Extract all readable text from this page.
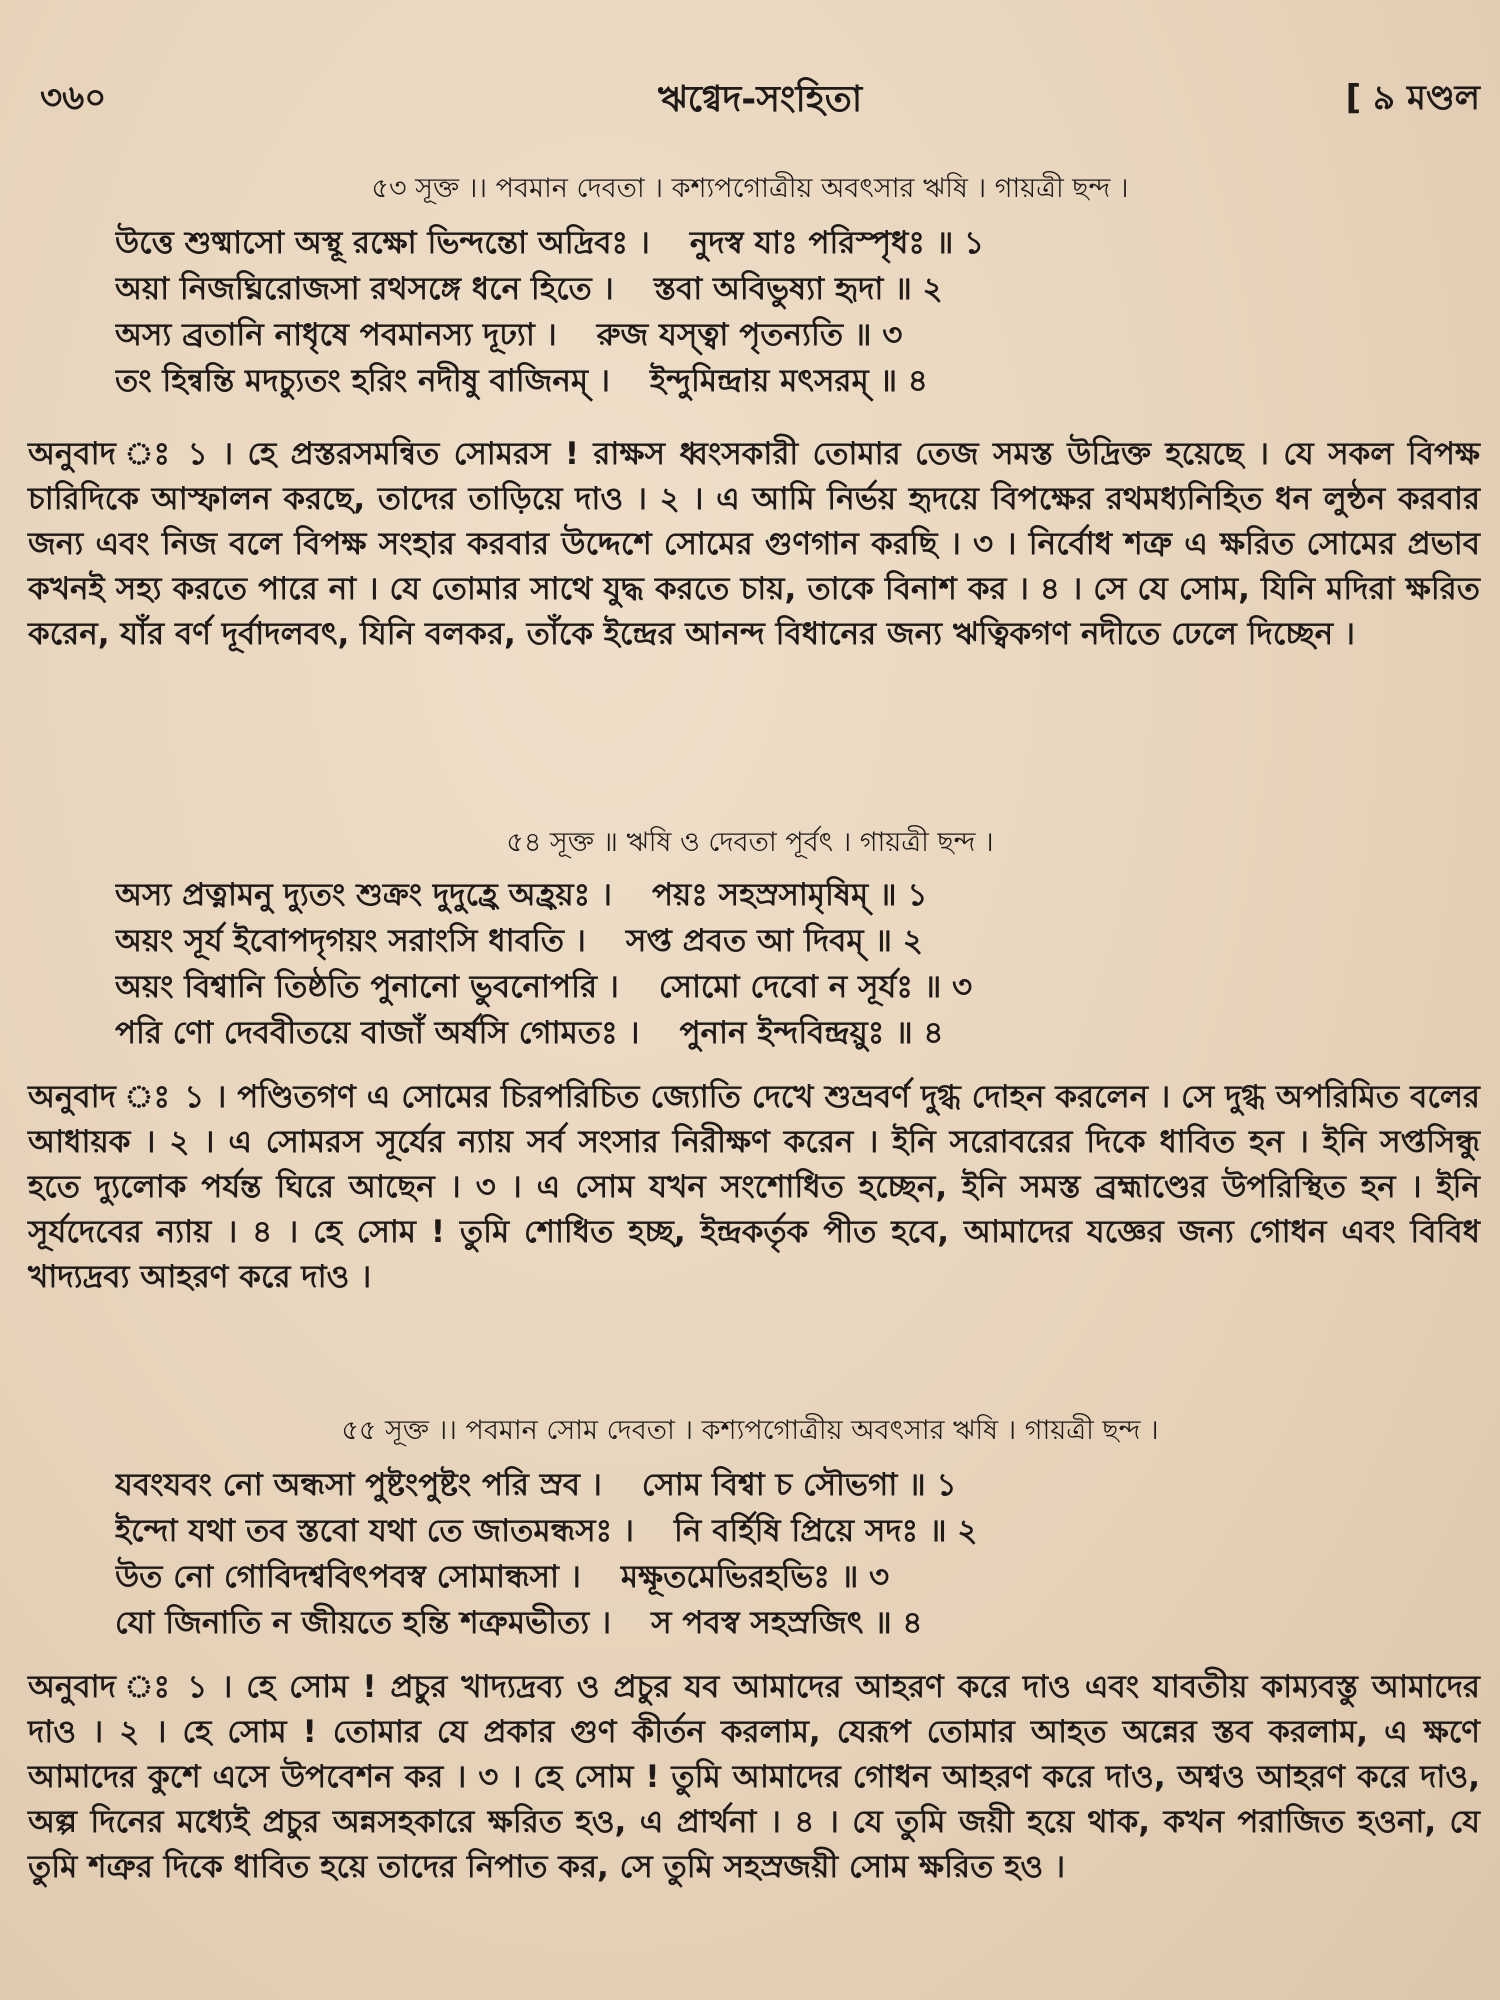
৩৬০	ঋগ্বেদ-সংহিতা	[ ৯ মণ্ডল
৫৩ সূক্ত ।। পবমান দেবতা । কশ্যপগোত্রীয় অবৎসার ঋষি । গায়ত্রী ছন্দ ।
উত্তে শুষ্মাসো অস্থূ রক্ষো ভিন্দন্তো অদ্রিবঃ । নুদস্ব যাঃ পরিস্পৃধঃ ॥ ১
অয়া নিজঘ্নিরোজসা রথসঙ্গে ধনে হিতে । স্তবা অবিভুষ্যা হৃদা ॥ ২
অস্য ব্রতানি নাধৃষে পবমানস্য দূঢ্যা । রুজ যস্ত্বা পৃতন্যতি ॥ ৩
তং হিন্বন্তি মদচ্যুতং হরিং নদীষু বাজিনম্ । ইন্দুমিন্দ্রায় মৎসরম্ ॥ ৪
অনুবাদ ঃ ১ । হে প্রস্তরসমন্বিত সোমরস ! রাক্ষস ধ্বংসকারী তোমার তেজ সমস্ত উদ্রিক্ত হয়েছে । যে সকল বিপক্ষ চারিদিকে আস্ফালন করছে, তাদের তাড়িয়ে দাও । ২ । এ আমি নির্ভয় হৃদয়ে বিপক্ষের রথমধ্যনিহিত ধন লুন্ঠন করবার জন্য এবং নিজ বলে বিপক্ষ সংহার করবার উদ্দেশে সোমের গুণগান করছি । ৩ । নির্বোধ শত্রু এ ক্ষরিত সোমের প্রভাব কখনই সহ্য করতে পারে না । যে তোমার সাথে যুদ্ধ করতে চায়, তাকে বিনাশ কর । ৪ । সে যে সোম, যিনি মদিরা ক্ষরিত করেন, যাঁর বর্ণ দূর্বাদলবৎ, যিনি বলকর, তাঁকে ইন্দ্রের আনন্দ বিধানের জন্য ঋত্বিকগণ নদীতে ঢেলে দিচ্ছেন ।
৫৪ সূক্ত ॥ ঋষি ও দেবতা পূর্বৎ । গায়ত্রী ছন্দ ।
অস্য প্রত্নামনু দ্যুতং শুক্রং দুদুহ্রে অহ্রয়ঃ । পয়ঃ সহস্রসামৃষিম্ ॥ ১
অয়ং সূর্য ইবোপদৃগয়ং সরাংসি ধাবতি । সপ্ত প্রবত আ দিবম্ ॥ ২
অয়ং বিশ্বানি তিষ্ঠতি পুনানো ভুবনোপরি । সোমো দেবো ন সূর্যঃ ॥ ৩
পরি ণো দেববীতয়ে বাজাঁ অর্ষসি গোমতঃ । পুনান ইন্দবিন্দ্রয়ুঃ ॥ ৪
অনুবাদ ঃ ১ । পণ্ডিতগণ এ সোমের চিরপরিচিত জ্যোতি দেখে শুভ্রবর্ণ দুগ্ধ দোহন করলেন । সে দুগ্ধ অপরিমিত বলের আধায়ক । ২ । এ সোমরস সূর্যের ন্যায় সর্ব সংসার নিরীক্ষণ করেন । ইনি সরোবরের দিকে ধাবিত হন । ইনি সপ্তসিন্ধু হতে দ্যুলোক পর্যন্ত ঘিরে আছেন । ৩ । এ সোম যখন সংশোধিত হচ্ছেন, ইনি সমস্ত ব্রহ্মাণ্ডের উপরিস্থিত হন । ইনি সূর্যদেবের ন্যায় । ৪ । হে সোম ! তুমি শোধিত হচ্ছ, ইন্দ্রকর্তৃক পীত হবে, আমাদের যজ্ঞের জন্য গোধন এবং বিবিধ খাদ্যদ্রব্য আহরণ করে দাও ।
৫৫ সূক্ত ।। পবমান সোম দেবতা । কশ্যপগোত্রীয় অবৎসার ঋষি । গায়ত্রী ছন্দ ।
যবংযবং নো অন্ধসা পুষ্টংপুষ্টং পরি স্রব । সোম বিশ্বা চ সৌভগা ॥ ১
ইন্দো যথা তব স্তবো যথা তে জাতমন্ধসঃ । নি বর্হিষি প্রিয়ে সদঃ ॥ ২
উত নো গোবিদশ্ববিৎপবস্ব সোমান্ধসা । মক্ষূতমেভিরহভিঃ ॥ ৩
যো জিনাতি ন জীয়তে হন্তি শত্রুমভীত্য । স পবস্ব সহস্রজিৎ ॥ ৪
অনুবাদ ঃ ১ । হে সোম ! প্রচুর খাদ্যদ্রব্য ও প্রচুর যব আমাদের আহরণ করে দাও এবং যাবতীয় কাম্যবস্তু আমাদের দাও । ২ । হে সোম ! তোমার যে প্রকার গুণ কীর্তন করলাম, যেরূপ তোমার আহত অন্নের স্তব করলাম, এ ক্ষণে আমাদের কুশে এসে উপবেশন কর । ৩ । হে সোম ! তুমি আমাদের গোধন আহরণ করে দাও, অশ্বও আহরণ করে দাও, অল্প দিনের মধ্যেই প্রচুর অন্নসহকারে ক্ষরিত হও, এ প্রার্থনা । ৪ । যে তুমি জয়ী হয়ে থাক, কখন পরাজিত হওনা, যে তুমি শত্রুর দিকে ধাবিত হয়ে তাদের নিপাত কর, সে তুমি সহস্রজয়ী সোম ক্ষরিত হও ।
